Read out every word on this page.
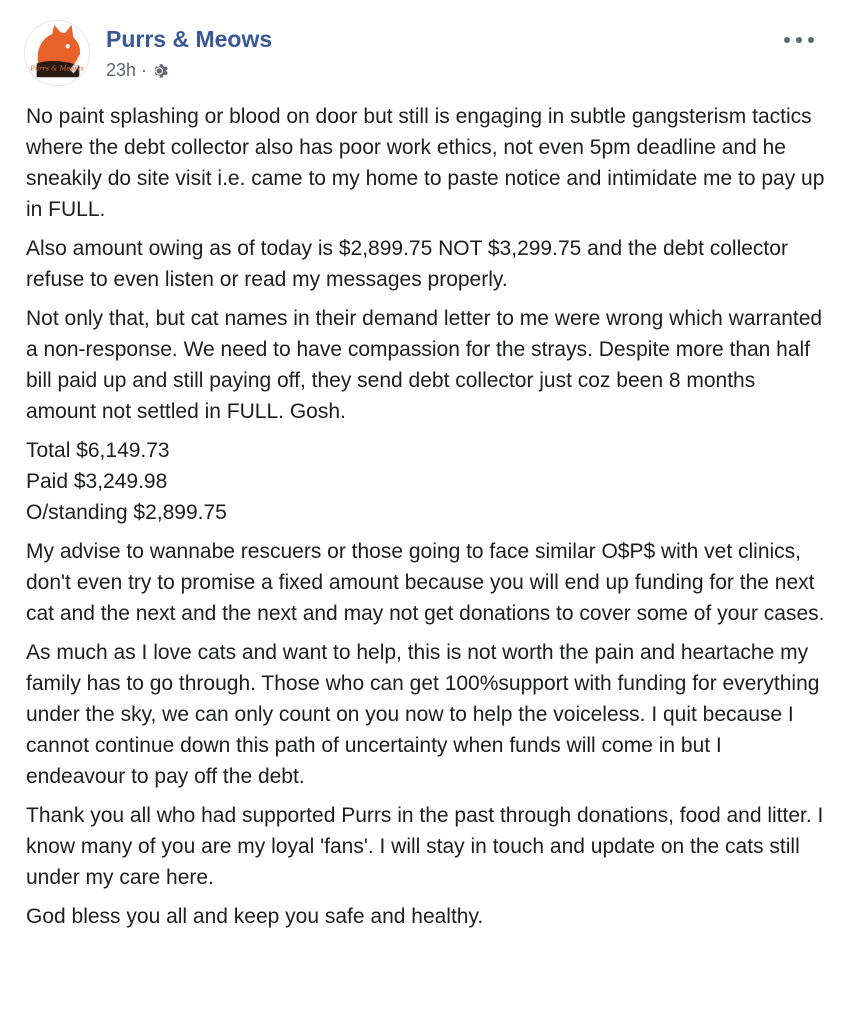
Purrs & Meows
Purrs & Meows
23h ·

No paint splashing or blood on door but still is engaging in subtle gangsterism tactics where the debt collector also has poor work ethics, not even 5pm deadline and he sneakily do site visit i.e. came to my home to paste notice and intimidate me to pay up in FULL.

Also amount owing as of today is $2,899.75 NOT $3,299.75 and the debt collector refuse to even listen or read my messages properly.

Not only that, but cat names in their demand letter to me were wrong which warranted a non-response. We need to have compassion for the strays. Despite more than half bill paid up and still paying off, they send debt collector just coz been 8 months amount not settled in FULL. Gosh.

Total $6,149.73
Paid $3,249.98
O/standing $2,899.75

My advise to wannabe rescuers or those going to face similar O$P$ with vet clinics, don't even try to promise a fixed amount because you will end up funding for the next cat and the next and the next and may not get donations to cover some of your cases.

As much as I love cats and want to help, this is not worth the pain and heartache my family has to go through. Those who can get 100%support with funding for everything under the sky, we can only count on you now to help the voiceless. I quit because I cannot continue down this path of uncertainty when funds will come in but I endeavour to pay off the debt.

Thank you all who had supported Purrs in the past through donations, food and litter. I know many of you are my loyal 'fans'. I will stay in touch and update on the cats still under my care here.

God bless you all and keep you safe and healthy.
